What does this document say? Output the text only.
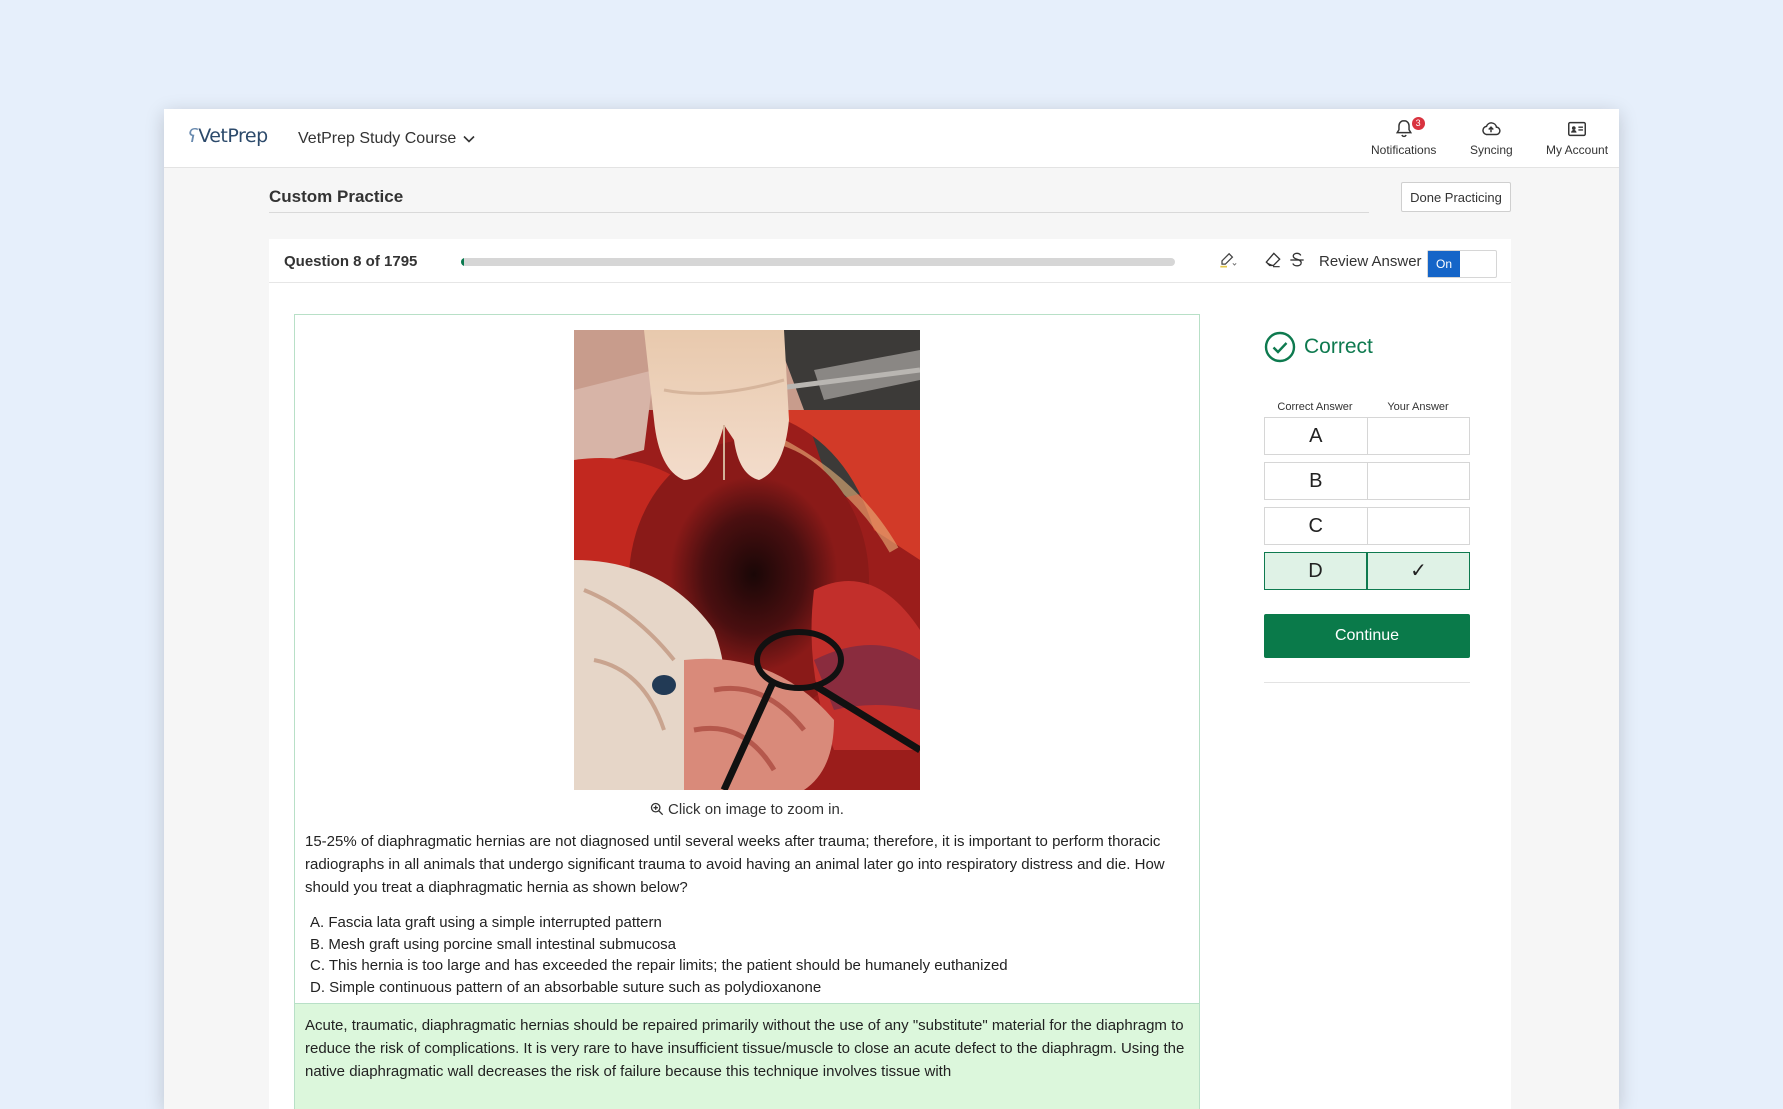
ʕVetPrep VetPrep Study Course
3
Notifications	Syncing	My Account
Custom Practice	Done Practicing
Question 8 of 1795	Review Answer	On
Click on image to zoom in.
15-25% of diaphragmatic hernias are not diagnosed until several weeks after trauma; therefore, it is important to perform thoracic radiographs in all animals that undergo significant trauma to avoid having an animal later go into respiratory distress and die. How should you treat a diaphragmatic hernia as shown below?
A. Fascia lata graft using a simple interrupted pattern
B. Mesh graft using porcine small intestinal submucosa
C. This hernia is too large and has exceeded the repair limits; the patient should be humanely euthanized
D. Simple continuous pattern of an absorbable suture such as polydioxanone
Acute, traumatic, diaphragmatic hernias should be repaired primarily without the use of any "substitute" material for the diaphragm to reduce the risk of complications. It is very rare to have insufficient tissue/muscle to close an acute defect to the diaphragm. Using the native diaphragmatic wall decreases the risk of failure because this technique involves tissue with
Correct
Correct Answer	Your Answer
A
B
C
D	✓
Continue
